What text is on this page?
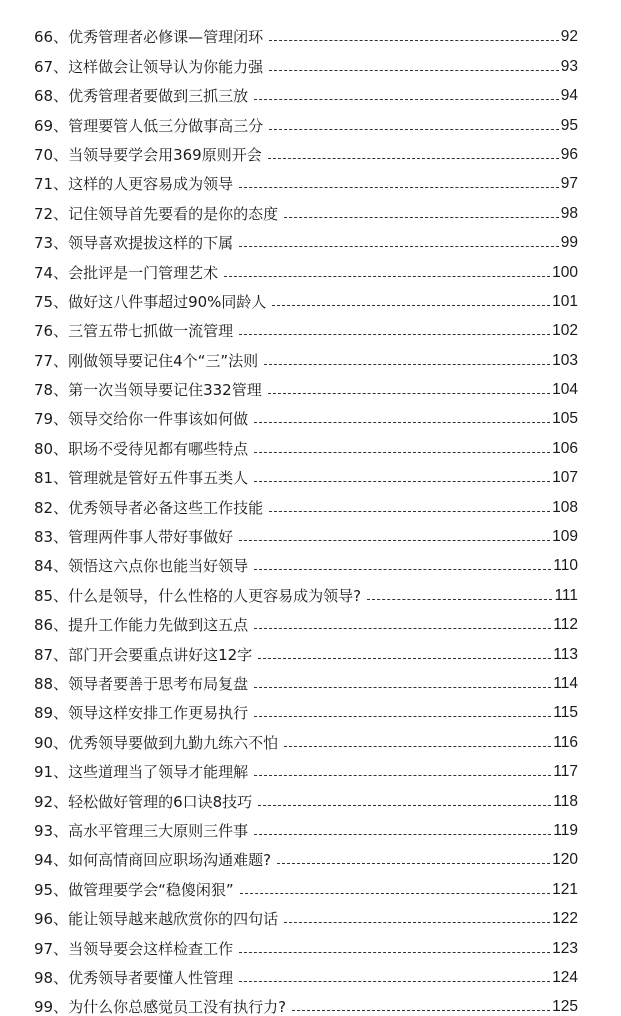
66、 优秀管理者必修课—管理闭环	92
67、 这样做会让领导认为你能力强	93
68、 优秀管理者要做到三抓三放	94
69、 管理要管人低三分做事高三分	95
70、 当领导要学会用369原则开会	96
71、 这样的人更容易成为领导	97
72、 记住领导首先要看的是你的态度	98
73、 领导喜欢提拔这样的下属	99
74、 会批评是一门管理艺术	100
75、 做好这八件事超过90%同龄人	101
76、 三管五带七抓做一流管理	102
77、 刚做领导要记住4个“三”法则	103
78、 第一次当领导要记住332管理	104
79、 领导交给你一件事该如何做	105
80、 职场不受待见都有哪些特点	106
81、 管理就是管好五件事五类人	107
82、 优秀领导者必备这些工作技能	108
83、 管理两件事人带好事做好	109
84、 领悟这六点你也能当好领导	110
85、 什么是领导，什么性格的人更容易成为领导?	111
86、 提升工作能力先做到这五点	112
87、 部门开会要重点讲好这12字	113
88、 领导者要善于思考布局复盘	114
89、 领导这样安排工作更易执行	115
90、 优秀领导要做到九勤九练六不怕	116
91、 这些道理当了领导才能理解	117
92、 轻松做好管理的6口诀8技巧	118
93、 高水平管理三大原则三件事	119
94、 如何高情商回应职场沟通难题?	120
95、 做管理要学会“稳傻闲狠”	121
96、 能让领导越来越欣赏你的四句话	122
97、 当领导要会这样检查工作	123
98、 优秀领导者要懂人性管理	124
99、 为什么你总感觉员工没有执行力?	125
